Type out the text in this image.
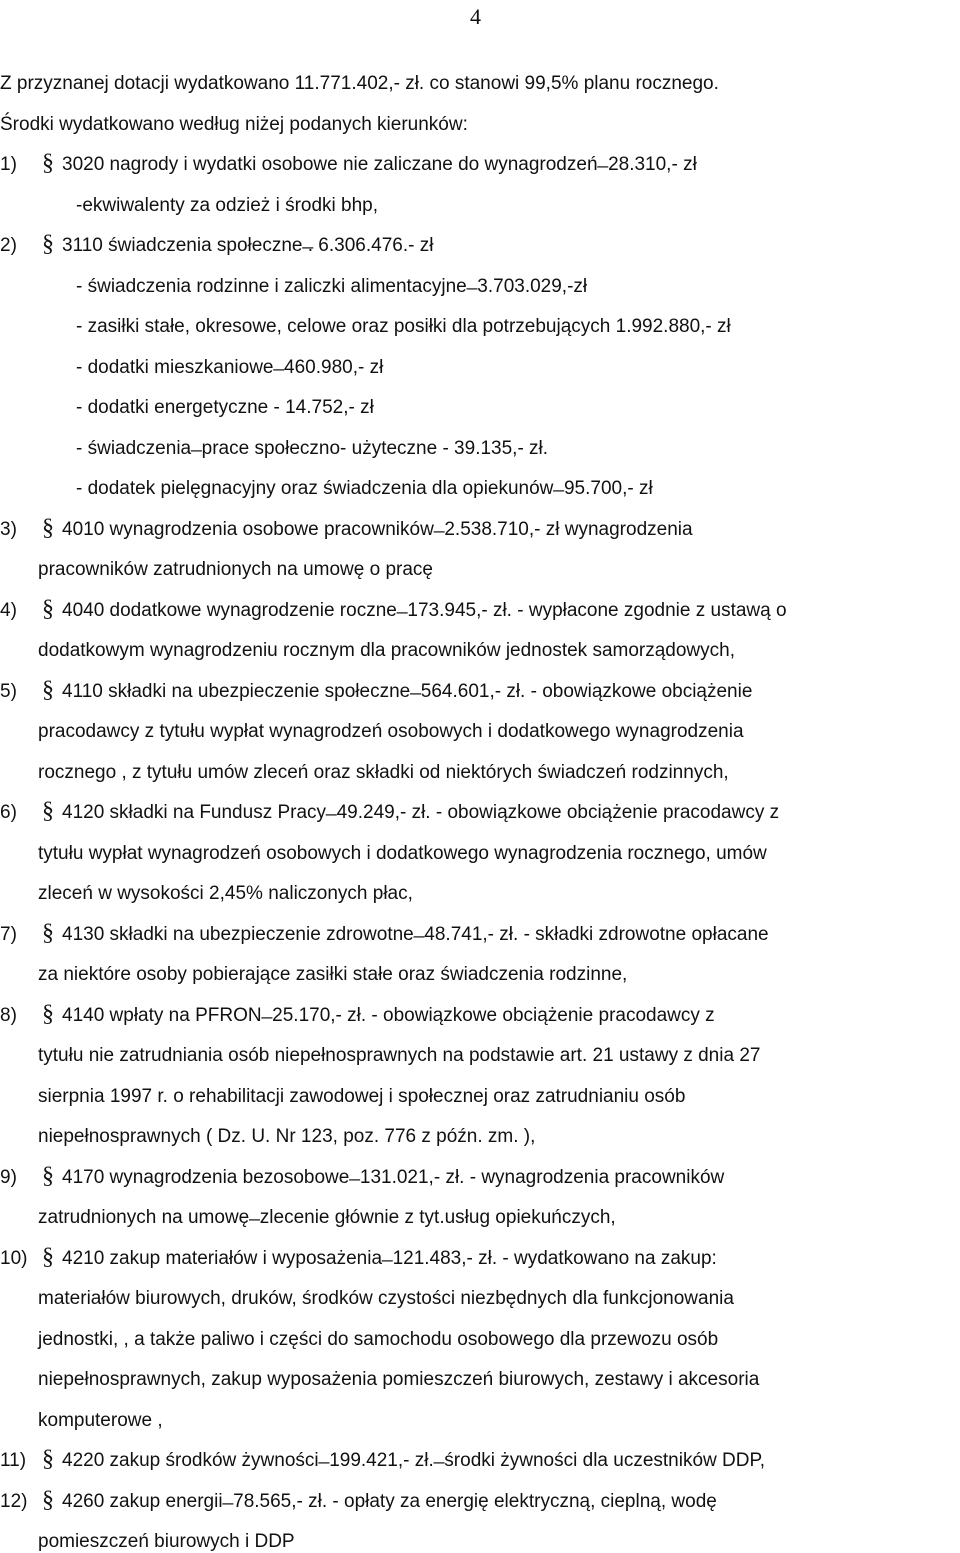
4
Z przyznanej dotacji wydatkowano 11.771.402,- zł. co stanowi 99,5% planu rocznego.
Środki wydatkowano według niżej podanych kierunków:
1) § 3020 nagrody i wydatki osobowe nie zaliczane do wynagrodzeń ̶ 28.310,- zł
-ekwiwalenty za odzież i środki bhp,
2) § 3110 świadczenia społeczne ̶. 6.306.476.- zł
- świadczenia rodzinne i zaliczki alimentacyjne ̶ 3.703.029,-zł
- zasiłki stałe, okresowe, celowe oraz posiłki dla potrzebujących 1.992.880,- zł
- dodatki mieszkaniowe ̶ 460.980,- zł
- dodatki energetyczne - 14.752,- zł
- świadczenia ̶ prace społeczno- użyteczne - 39.135,- zł.
- dodatek pielęgnacyjny oraz świadczenia dla opiekunów ̶ 95.700,- zł
3) § 4010 wynagrodzenia osobowe pracowników ̶ 2.538.710,- zł wynagrodzenia
pracowników zatrudnionych na umowę o pracę
4) § 4040 dodatkowe wynagrodzenie roczne ̶ 173.945,- zł. - wypłacone zgodnie z ustawą o
dodatkowym wynagrodzeniu rocznym dla pracowników jednostek samorządowych,
5) § 4110 składki na ubezpieczenie społeczne ̶ 564.601,- zł. - obowiązkowe obciążenie
pracodawcy z tytułu wypłat wynagrodzeń osobowych i dodatkowego wynagrodzenia
rocznego , z tytułu umów zleceń oraz składki od niektórych świadczeń rodzinnych,
6) § 4120 składki na Fundusz Pracy ̶ 49.249,- zł. - obowiązkowe obciążenie pracodawcy z
tytułu wypłat wynagrodzeń osobowych i dodatkowego wynagrodzenia rocznego, umów
zleceń w wysokości 2,45% naliczonych płac,
7) § 4130 składki na ubezpieczenie zdrowotne ̶ 48.741,- zł. - składki zdrowotne opłacane
za niektóre osoby pobierające zasiłki stałe oraz świadczenia rodzinne,
8) § 4140 wpłaty na PFRON ̶ 25.170,- zł. - obowiązkowe obciążenie pracodawcy z
tytułu nie zatrudniania osób niepełnosprawnych na podstawie art. 21 ustawy z dnia 27
sierpnia 1997 r. o rehabilitacji zawodowej i społecznej oraz zatrudnianiu osób
niepełnosprawnych ( Dz. U. Nr 123, poz. 776 z późn. zm. ),
9) § 4170 wynagrodzenia bezosobowe ̶ 131.021,- zł. - wynagrodzenia pracowników
zatrudnionych na umowę ̶ zlecenie głównie z tyt.usług opiekuńczych,
10) § 4210 zakup materiałów i wyposażenia ̶ 121.483,- zł. - wydatkowano na zakup:
materiałów biurowych, druków, środków czystości niezbędnych dla funkcjonowania
jednostki, , a także paliwo i części do samochodu osobowego dla przewozu osób
niepełnosprawnych, zakup wyposażenia pomieszczeń biurowych, zestawy i akcesoria
komputerowe ,
11) § 4220 zakup środków żywności ̶ 199.421,- zł. ̶ środki żywności dla uczestników DDP,
12) § 4260 zakup energii ̶ 78.565,- zł. - opłaty za energię elektryczną, cieplną, wodę
pomieszczeń biurowych i DDP
